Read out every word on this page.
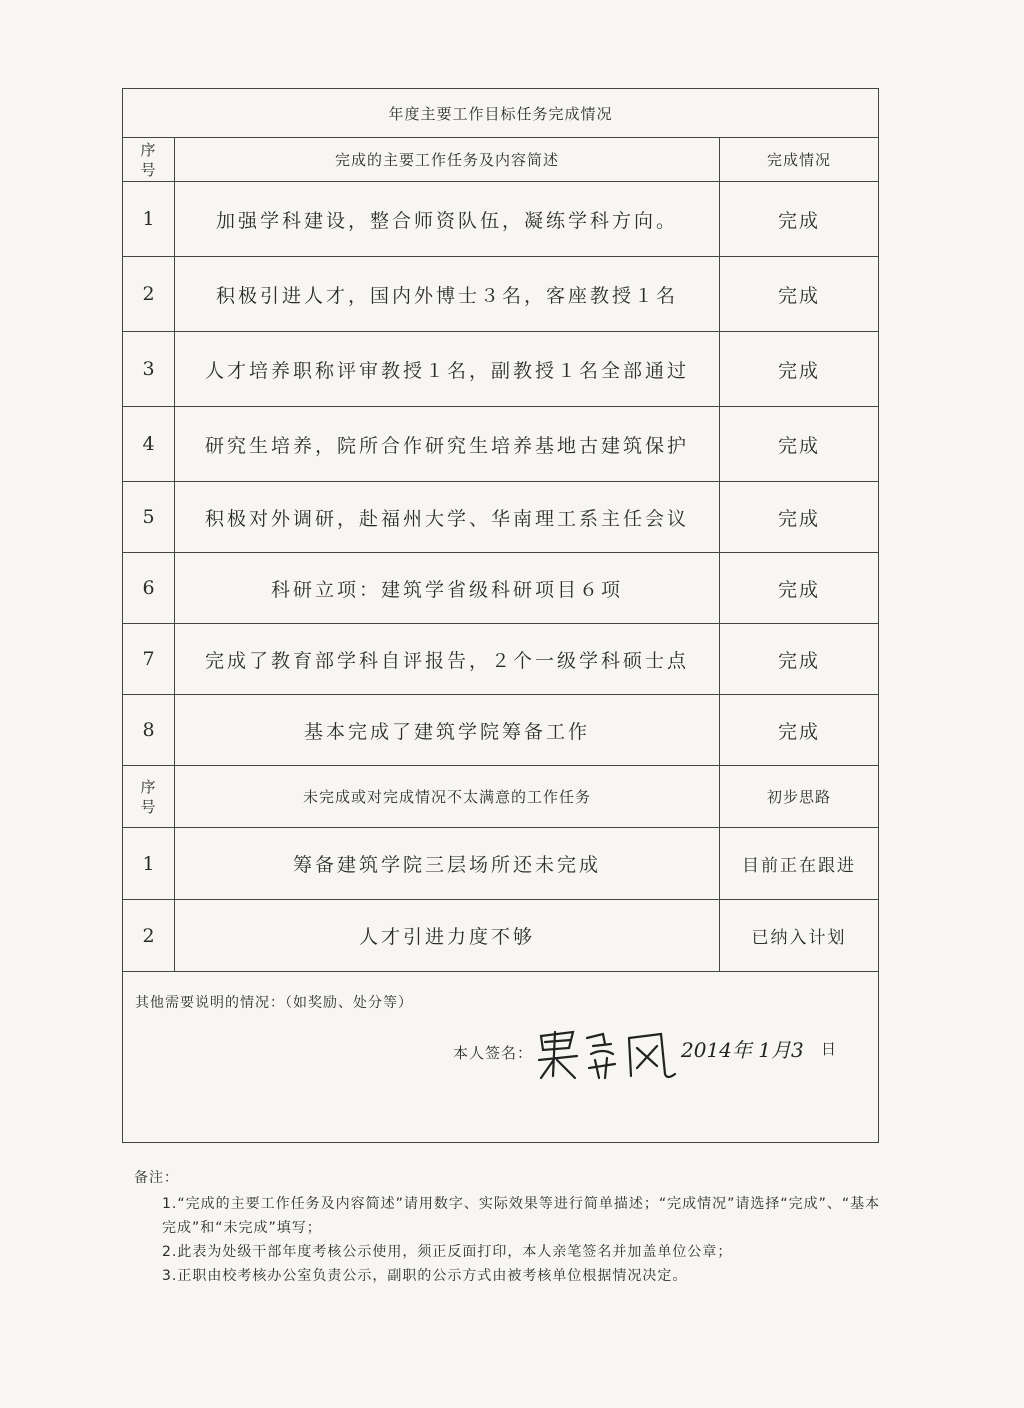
年度主要工作目标任务完成情况		

序
号	完成的主要工作任务及内容简述	完成情况
1	加强学科建设，整合师资队伍，凝练学科方向。	完成
2	积极引进人才，国内外博士３名，客座教授１名	完成
3	人才培养职称评审教授１名，副教授１名全部通过	完成
4	研究生培养，院所合作研究生培养基地古建筑保护	完成
5	积极对外调研，赴福州大学、华南理工系主任会议	完成
6	科研立项：建筑学省级科研项目６项	完成
7	完成了教育部学科自评报告，２个一级学科硕士点	完成
8	基本完成了建筑学院筹备工作	完成

序
号	未完成或对完成情况不太满意的工作任务	初步思路
1	筹备建筑学院三层场所还未完成	目前正在跟进
2	人才引进力度不够	已纳入计划

其他需要说明的情况：（如奖励、处分等）
本人签名： 2014年 1月3 日		
备注：
1.“完成的主要工作任务及内容简述”请用数字、实际效果等进行简单描述；“完成情况”请选择“完成”、“基本完成”和“未完成”填写；
2.此表为处级干部年度考核公示使用，须正反面打印，本人亲笔签名并加盖单位公章；
3.正职由校考核办公室负责公示，副职的公示方式由被考核单位根据情况决定。
